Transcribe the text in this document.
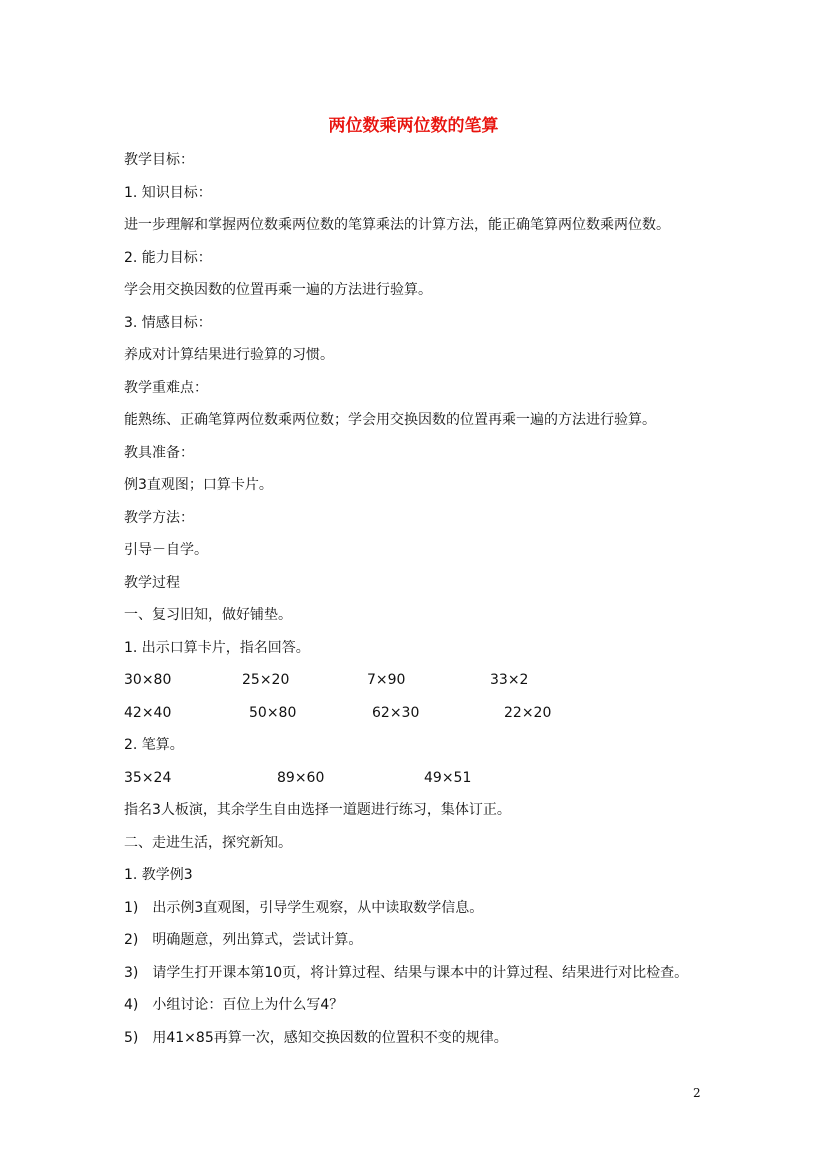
两位数乘两位数的笔算
教学目标：
1. 知识目标：
进一步理解和掌握两位数乘两位数的笔算乘法的计算方法，能正确笔算两位数乘两位数。
2. 能力目标：
学会用交换因数的位置再乘一遍的方法进行验算。
3. 情感目标：
养成对计算结果进行验算的习惯。
教学重难点：
能熟练、正确笔算两位数乘两位数；学会用交换因数的位置再乘一遍的方法进行验算。
教具准备：
例3直观图；口算卡片。
教学方法：
引导－自学。
教学过程
一、复习旧知，做好铺垫。
1. 出示口算卡片，指名回答。
30×80	25×20	7×90	33×2
42×40	50×80	62×30	22×20
2. 笔算。
35×24	89×60	49×51
指名3人板演，其余学生自由选择一道题进行练习，集体订正。
二、走进生活，探究新知。
1. 教学例3
1)　出示例3直观图，引导学生观察，从中读取数学信息。
2)　明确题意，列出算式，尝试计算。
3)　请学生打开课本第10页，将计算过程、结果与课本中的计算过程、结果进行对比检查。
4)　小组讨论：百位上为什么写4？
5)　用41×85再算一次，感知交换因数的位置积不变的规律。
2
